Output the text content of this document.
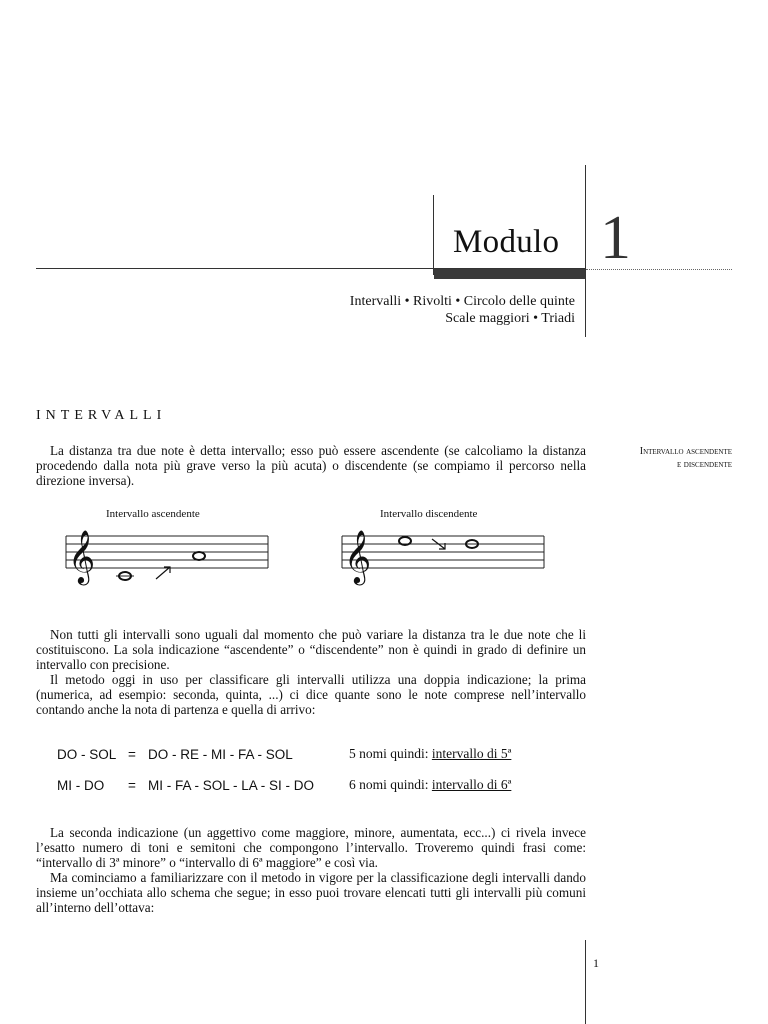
Modulo 1
Intervalli • Rivolti • Circolo delle quinte
Scale maggiori • Triadi
INTERVALLI
Intervallo ascendente
e discendente

La distanza tra due note è detta intervallo; esso può essere ascendente (se calcoliamo la distanza procedendo dalla nota più grave verso la più acuta) o discendente (se compiamo il percorso nella direzione inversa).

Intervallo ascendente	Intervallo discendente
𝄞	𝄞

Non tutti gli intervalli sono uguali dal momento che può variare la distanza tra le due note che li costituiscono. La sola indicazione “ascendente” o “discendente” non è quindi in grado di definire un intervallo con precisione.

Il metodo oggi in uso per classificare gli intervalli utilizza una doppia indicazione; la prima (numerica, ad esempio: seconda, quinta, ...) ci dice quante sono le note comprese nell’intervallo contando anche la nota di partenza e quella di arrivo:

DO - SOL = DO - RE - MI - FA - SOL	5 nomi quindi: intervallo di 5ª
MI - DO = MI - FA - SOL - LA - SI - DO	6 nomi quindi: intervallo di 6ª

La seconda indicazione (un aggettivo come maggiore, minore, aumentata, ecc...) ci rivela invece l’esatto numero di toni e semitoni che compongono l’intervallo. Troveremo quindi frasi come: “intervallo di 3ª minore” o “intervallo di 6ª maggiore” e così via.

Ma cominciamo a familiarizzare con il metodo in vigore per la classificazione degli intervalli dando insieme un’occhiata allo schema che segue; in esso puoi trovare elencati tutti gli intervalli più comuni all’interno dell’ottava:

1
